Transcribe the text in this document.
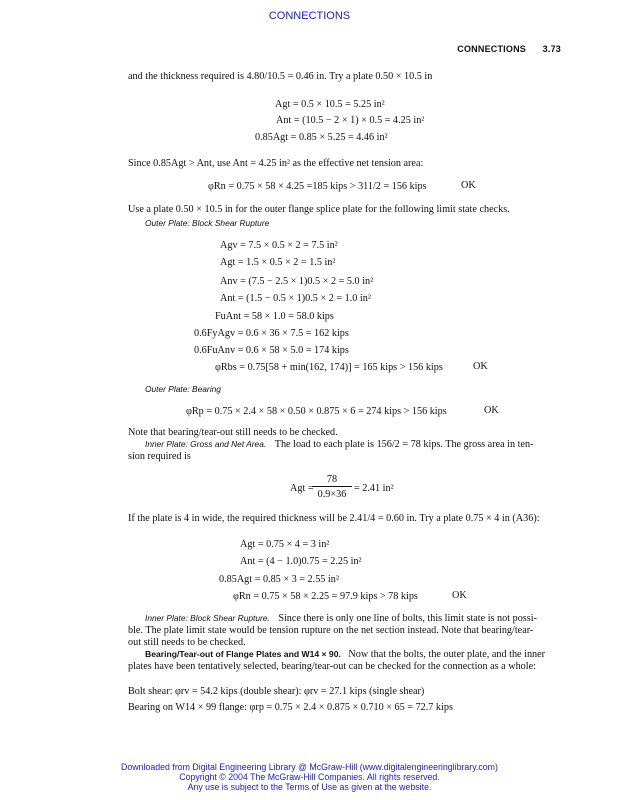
CONNECTIONS
CONNECTIONS 3.73
and the thickness required is 4.80/10.5 = 0.46 in. Try a plate 0.50 × 10.5 in
Agt = 0.5 × 10.5 = 5.25 in²
Ant = (10.5 − 2 × 1) × 0.5 = 4.25 in²
0.85Agt = 0.85 × 5.25 = 4.46 in²
Since 0.85Agt > Ant, use Ant = 4.25 in² as the effective net tension area:
φRn = 0.75 × 58 × 4.25 =185 kips > 311/2 = 156 kips	OK
Use a plate 0.50 × 10.5 in for the outer flange splice plate for the following limit state checks.
Outer Plate: Block Shear Rupture
Agv = 7.5 × 0.5 × 2 = 7.5 in²
Agt = 1.5 × 0.5 × 2 = 1.5 in²
Anv = (7.5 − 2.5 × 1)0.5 × 2 = 5.0 in²
Ant = (1.5 − 0.5 × 1)0.5 × 2 = 1.0 in²
FuAnt = 58 × 1.0 = 58.0 kips
0.6FyAgv = 0.6 × 36 × 7.5 = 162 kips
0.6FuAnv = 0.6 × 58 × 5.0 = 174 kips
φRbs = 0.75[58 + min(162, 174)] = 165 kips > 156 kips	OK
Outer Plate: Bearing
φRp = 0.75 × 2.4 × 58 × 0.50 × 0.875 × 6 = 274 kips > 156 kips	OK
Note that bearing/tear-out still needs to be checked.
Inner Plate: Gross and Net Area. The load to each plate is 156/2 = 78 kips. The gross area in ten-
sion required is
Agt =
$\frac{78}{0.9\times 36} = 2.41$ in²
If the plate is 4 in wide, the required thickness will be 2.41/4 = 0.60 in. Try a plate 0.75 × 4 in (A36):
Agt = 0.75 × 4 = 3 in²
Ant = (4 − 1.0)0.75 = 2.25 in²
0.85Agt = 0.85 × 3 = 2.55 in²
φRn = 0.75 × 58 × 2.25 = 97.9 kips > 78 kips	OK
Inner Plate: Block Shear Rupture. Since there is only one line of bolts, this limit state is not possi-
ble. The plate limit state would be tension rupture on the net section instead. Note that bearing/tear-
out still needs to be checked.
Bearing/Tear-out of Flange Plates and W14 × 90. Now that the bolts, the outer plate, and the inner
plates have been tentatively selected, bearing/tear-out can be checked for the connection as a whole:
Bolt shear: φrv = 54.2 kips (double shear): φrv = 27.1 kips (single shear)
Bearing on W14 × 99 flange: φrp = 0.75 × 2.4 × 0.875 × 0.710 × 65 = 72.7 kips
Downloaded from Digital Engineering Library @ McGraw-Hill (www.digitalengineeringlibrary.com)
Copyright © 2004 The McGraw-Hill Companies. All rights reserved.
Any use is subject to the Terms of Use as given at the website.
